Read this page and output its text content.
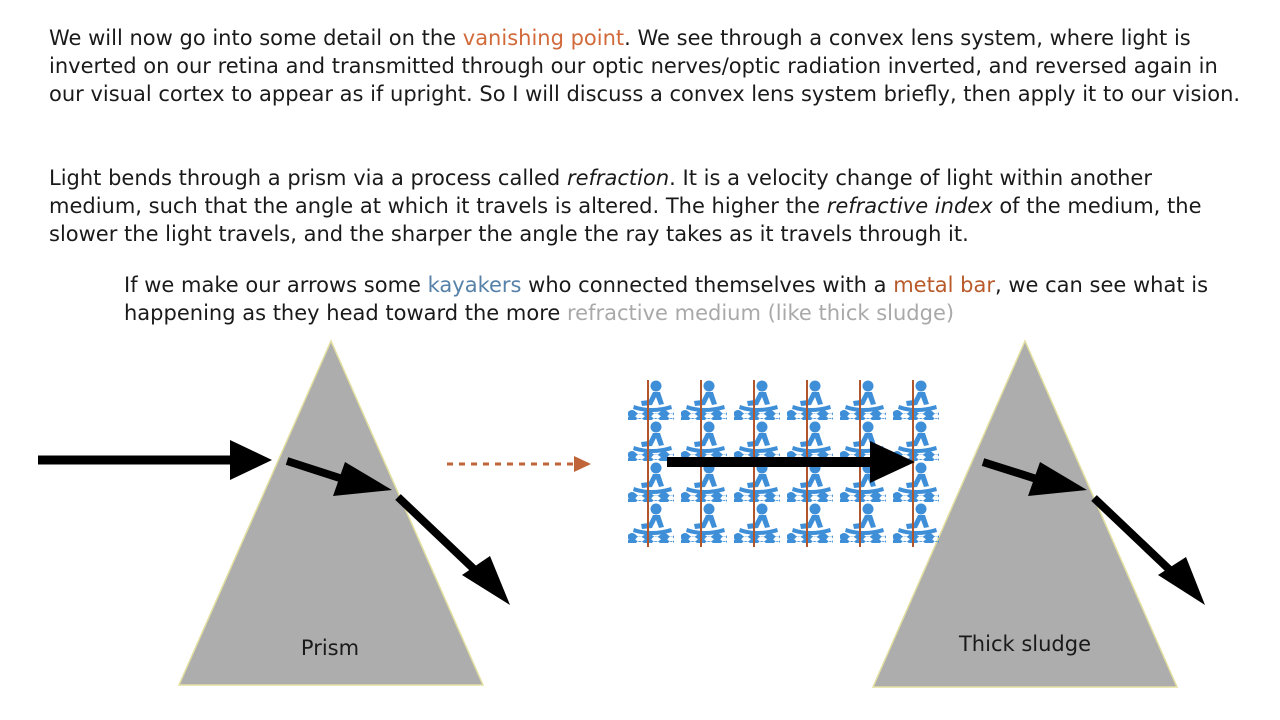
We will now go into some detail on the vanishing point. We see through a convex lens system, where light is inverted on our retina and transmitted through our optic nerves/optic radiation inverted, and reversed again in our visual cortex to appear as if upright. So I will discuss a convex lens system briefly, then apply it to our vision.

Light bends through a prism via a process called refraction. It is a velocity change of light within another medium, such that the angle at which it travels is altered. The higher the refractive index of the medium, the slower the light travels, and the sharper the angle the ray takes as it travels through it.

If we make our arrows some kayakers who connected themselves with a metal bar, we can see what is happening as they head toward the more refractive medium (like thick sludge)

Prism	Thick sludge
